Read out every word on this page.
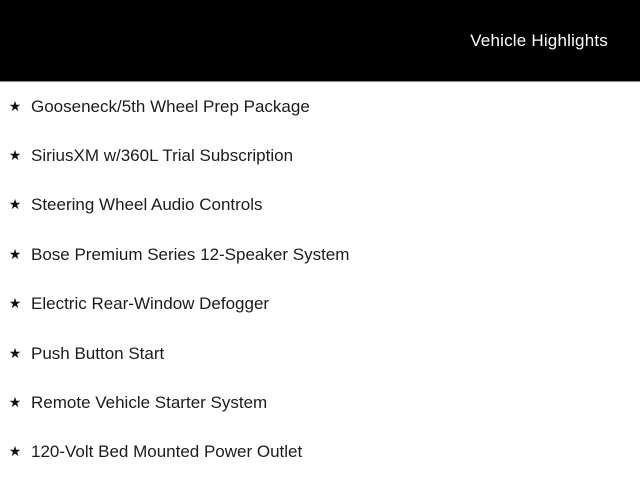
Vehicle Highlights
★ Gooseneck/5th Wheel Prep Package
★ SiriusXM w/360L Trial Subscription
★ Steering Wheel Audio Controls
★ Bose Premium Series 12-Speaker System
★ Electric Rear-Window Defogger
★ Push Button Start
★ Remote Vehicle Starter System
★ 120-Volt Bed Mounted Power Outlet
